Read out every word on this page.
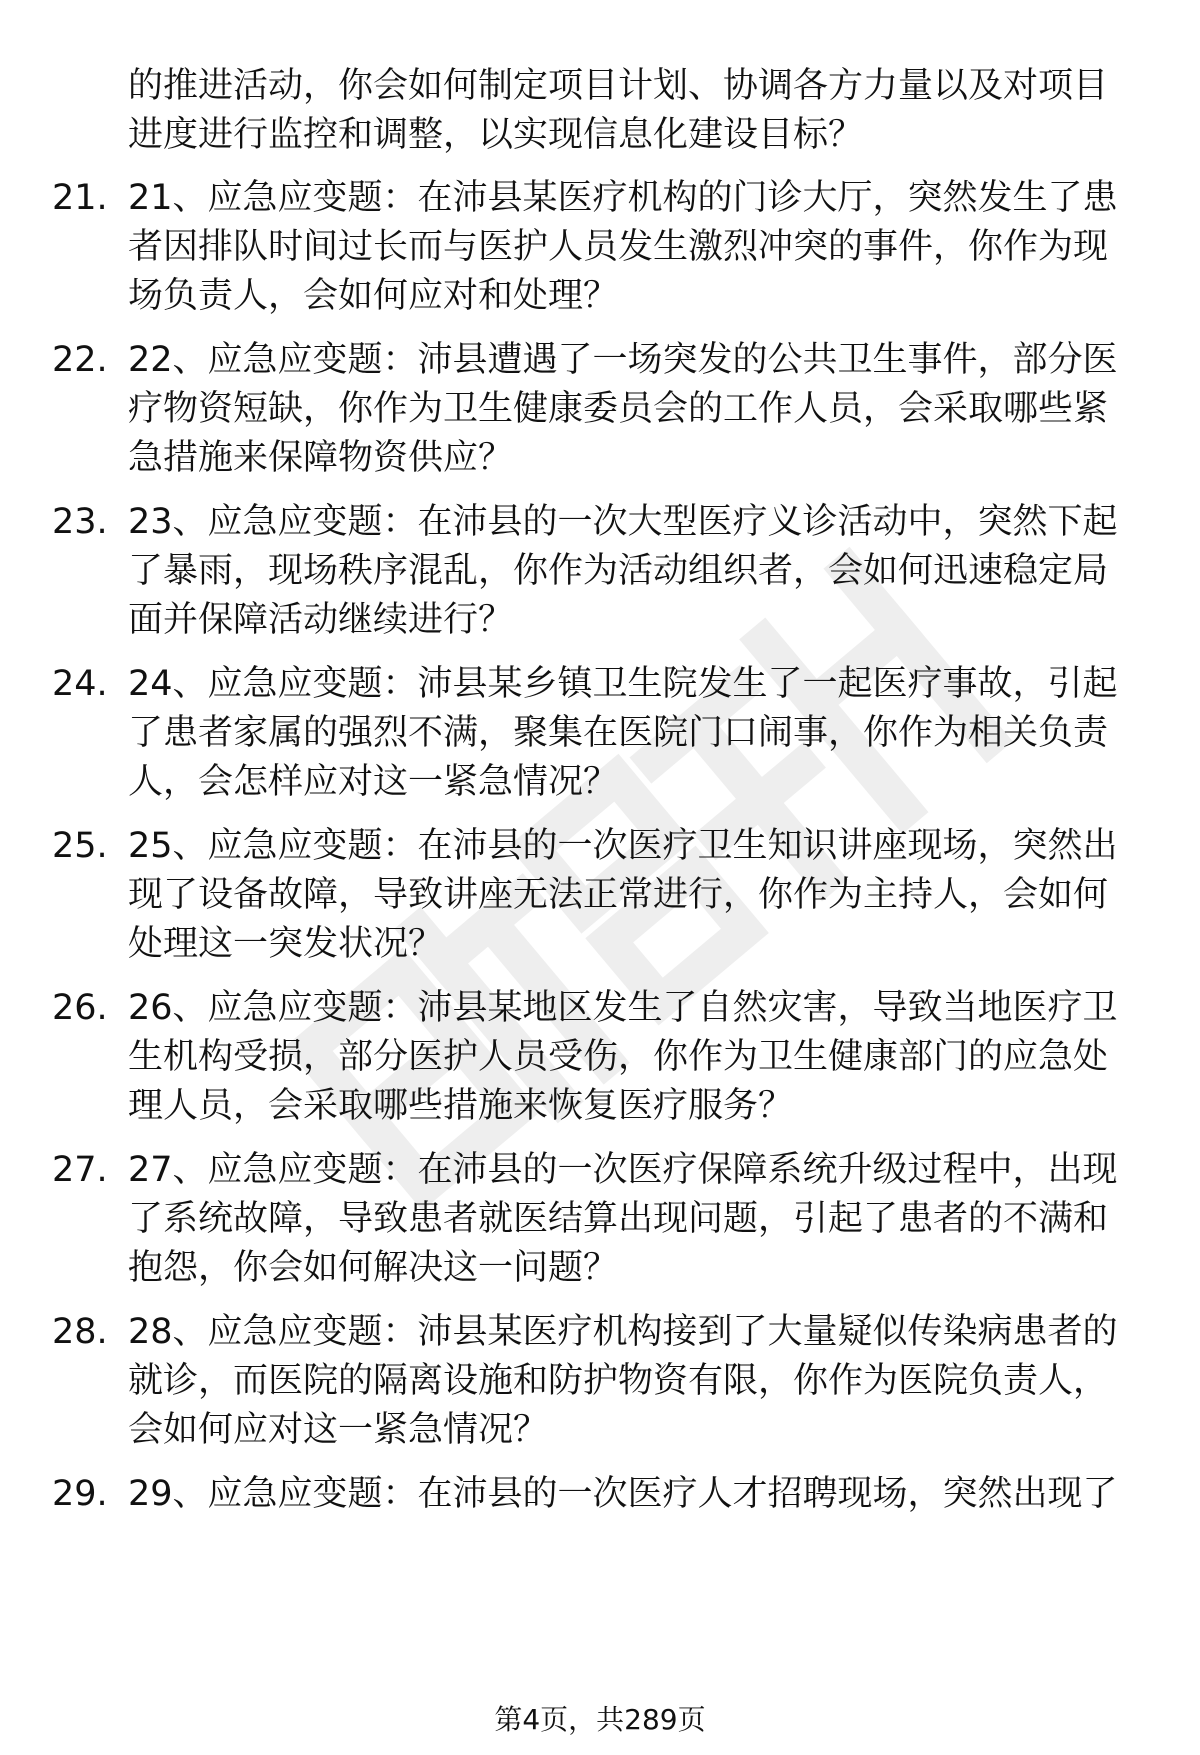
的推进活动，你会如何制定项目计划、协调各方力量以及对项目
进度进行监控和调整，以实现信息化建设目标？
21. 21、应急应变题：在沛县某医疗机构的门诊大厅，突然发生了患
者因排队时间过长而与医护人员发生激烈冲突的事件，你作为现
场负责人，会如何应对和处理？
22. 22、应急应变题：沛县遭遇了一场突发的公共卫生事件，部分医
疗物资短缺，你作为卫生健康委员会的工作人员，会采取哪些紧
急措施来保障物资供应？
23. 23、应急应变题：在沛县的一次大型医疗义诊活动中，突然下起
了暴雨，现场秩序混乱，你作为活动组织者，会如何迅速稳定局
面并保障活动继续进行？
24. 24、应急应变题：沛县某乡镇卫生院发生了一起医疗事故，引起
了患者家属的强烈不满，聚集在医院门口闹事，你作为相关负责
人，会怎样应对这一紧急情况？
25. 25、应急应变题：在沛县的一次医疗卫生知识讲座现场，突然出
现了设备故障，导致讲座无法正常进行，你作为主持人，会如何
处理这一突发状况？
26. 26、应急应变题：沛县某地区发生了自然灾害，导致当地医疗卫
生机构受损，部分医护人员受伤，你作为卫生健康部门的应急处
理人员，会采取哪些措施来恢复医疗服务？
27. 27、应急应变题：在沛县的一次医疗保障系统升级过程中，出现
了系统故障，导致患者就医结算出现问题，引起了患者的不满和
抱怨，你会如何解决这一问题？
28. 28、应急应变题：沛县某医疗机构接到了大量疑似传染病患者的
就诊，而医院的隔离设施和防护物资有限，你作为医院负责人，
会如何应对这一紧急情况？
29. 29、应急应变题：在沛县的一次医疗人才招聘现场，突然出现了
第4页，共289页
